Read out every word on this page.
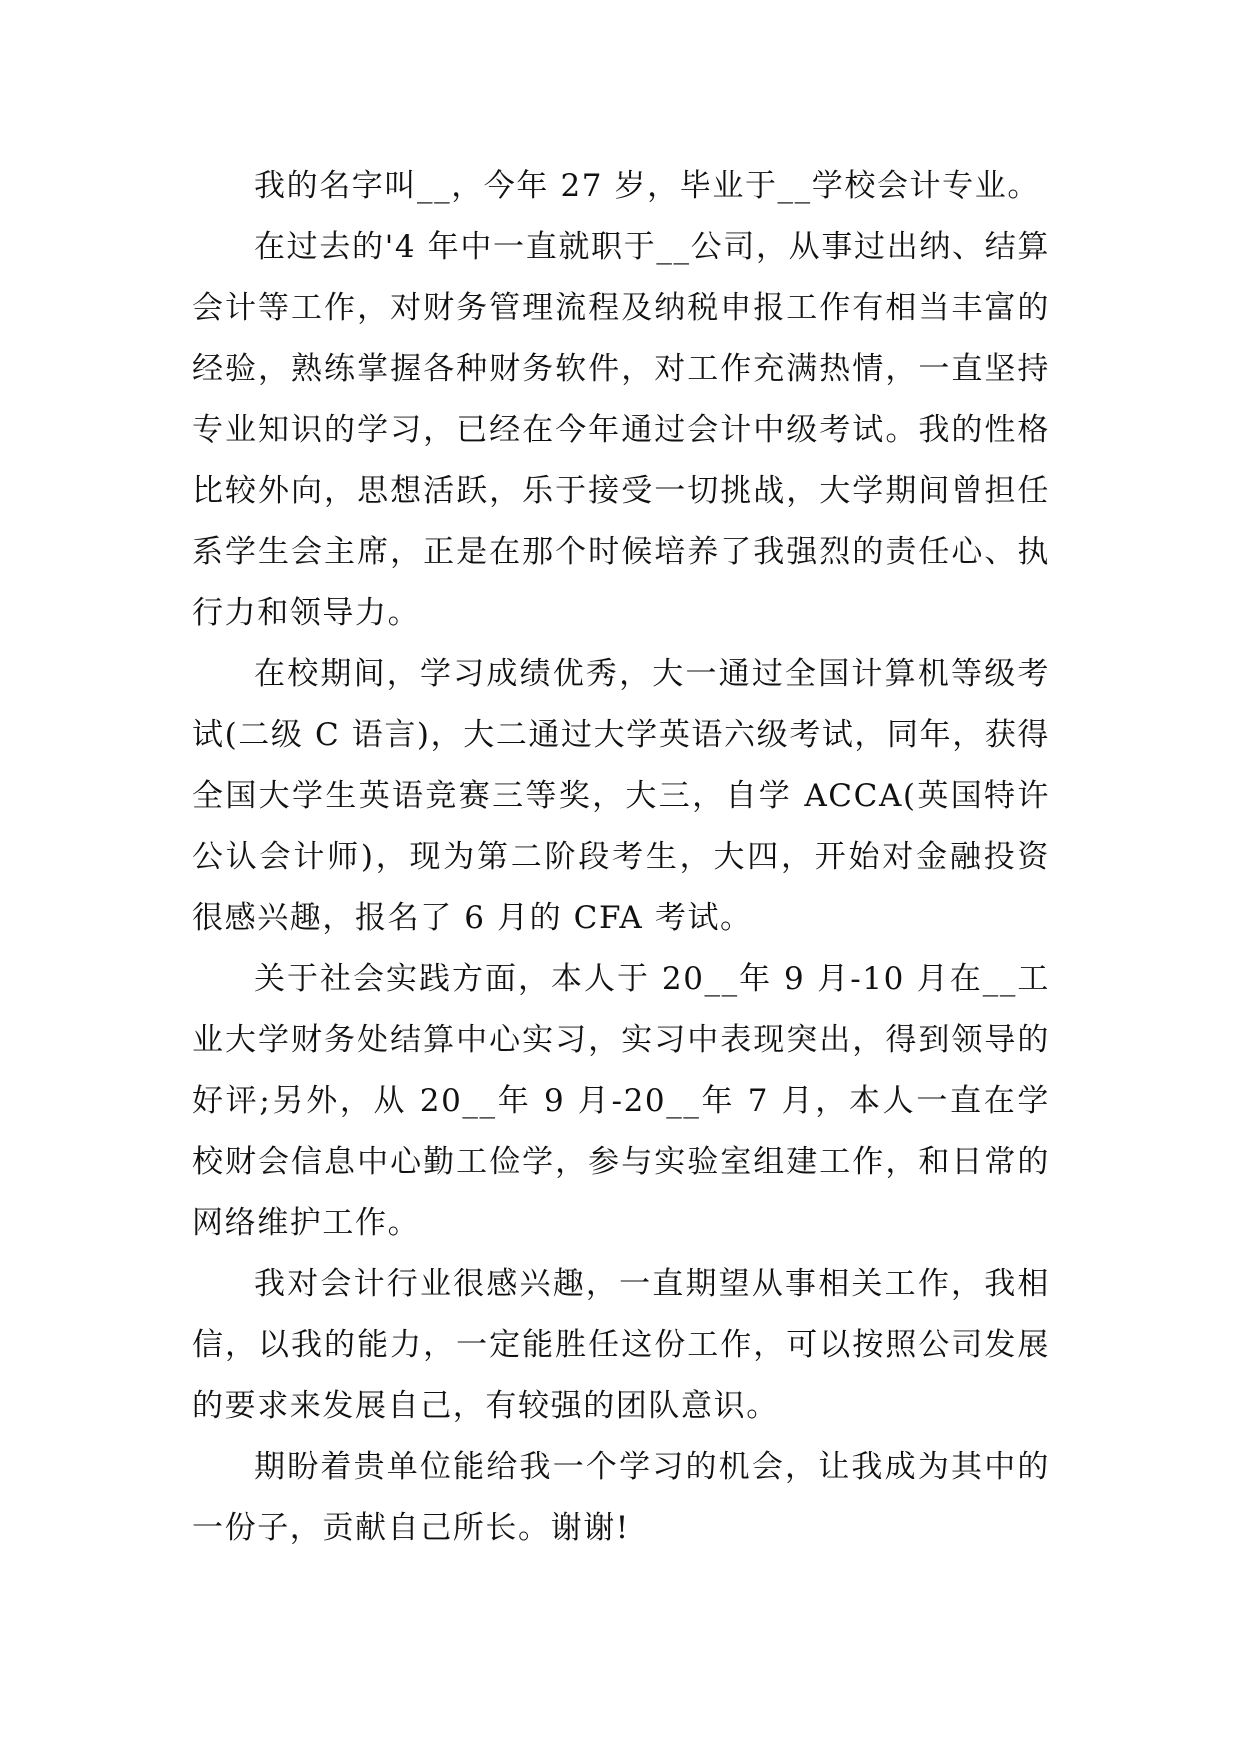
我的名字叫__，今年 27 岁，毕业于__学校会计专业。

在过去的'4 年中一直就职于__公司，从事过出纳、结算会计等工作，对财务管理流程及纳税申报工作有相当丰富的经验，熟练掌握各种财务软件，对工作充满热情，一直坚持专业知识的学习，已经在今年通过会计中级考试。我的性格比较外向，思想活跃，乐于接受一切挑战，大学期间曾担任系学生会主席，正是在那个时候培养了我强烈的责任心、执行力和领导力。

在校期间，学习成绩优秀，大一通过全国计算机等级考试(二级 C 语言)，大二通过大学英语六级考试，同年，获得全国大学生英语竞赛三等奖，大三，自学 ACCA(英国特许公认会计师)，现为第二阶段考生，大四，开始对金融投资很感兴趣，报名了 6 月的 CFA 考试。

关于社会实践方面，本人于 20__年 9 月-10 月在__工业大学财务处结算中心实习，实习中表现突出，得到领导的好评;另外，从 20__年 9 月-20__年 7 月，本人一直在学校财会信息中心勤工俭学，参与实验室组建工作，和日常的网络维护工作。

我对会计行业很感兴趣，一直期望从事相关工作，我相信，以我的能力，一定能胜任这份工作，可以按照公司发展的要求来发展自己，有较强的团队意识。

期盼着贵单位能给我一个学习的机会，让我成为其中的一份子，贡献自己所长。谢谢!
